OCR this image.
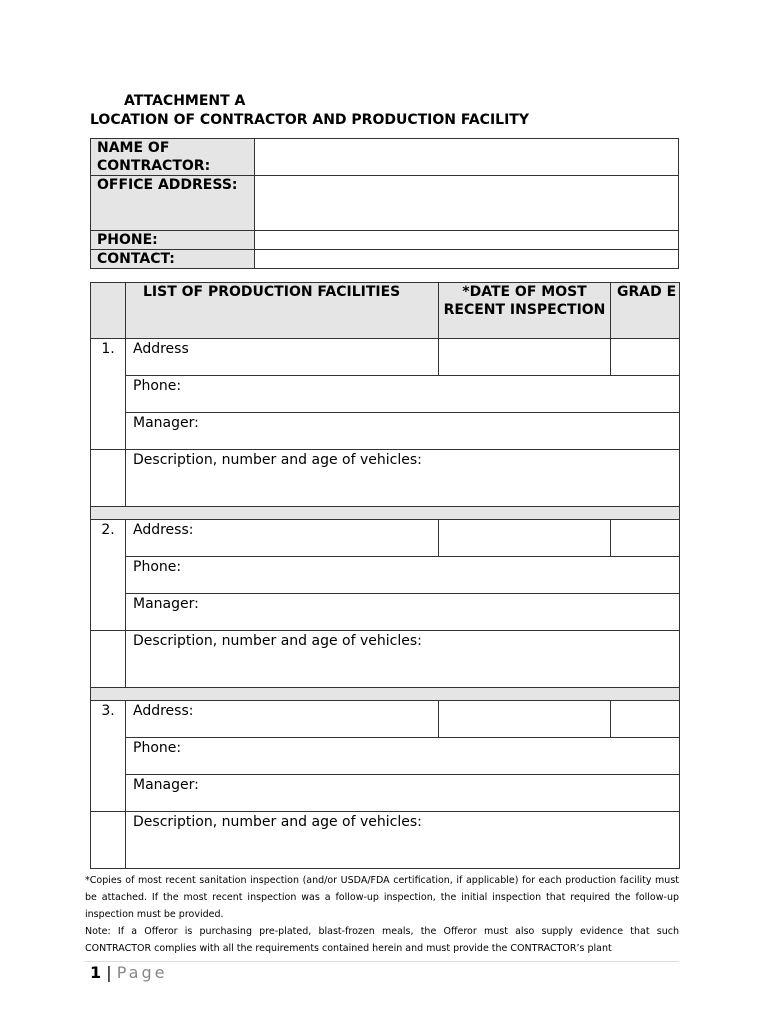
ATTACHMENT A
LOCATION OF CONTRACTOR AND PRODUCTION FACILITY
NAME OF CONTRACTOR:	
OFFICE ADDRESS:	
PHONE:	
CONTACT:	
	LIST OF PRODUCTION FACILITIES	*DATE OF MOST RECENT INSPECTION	GRAD E
1.	Address		
	Phone:		
	Manager:		
	Description, number and age of vehicles:		

2.	Address:		
	Phone:		
	Manager:		
	Description, number and age of vehicles:		

3.	Address:		
	Phone:		
	Manager:		
	Description, number and age of vehicles:		
*Copies of most recent sanitation inspection (and/or USDA/FDA certification, if applicable) for each production facility must be attached. If the most recent inspection was a follow-up inspection, the initial inspection that required the follow-up inspection must be provided.
Note: If a Offeror is purchasing pre-plated, blast-frozen meals, the Offeror must also supply evidence that such CONTRACTOR complies with all the requirements contained herein and must provide the CONTRACTOR’s plant
1 | Page
